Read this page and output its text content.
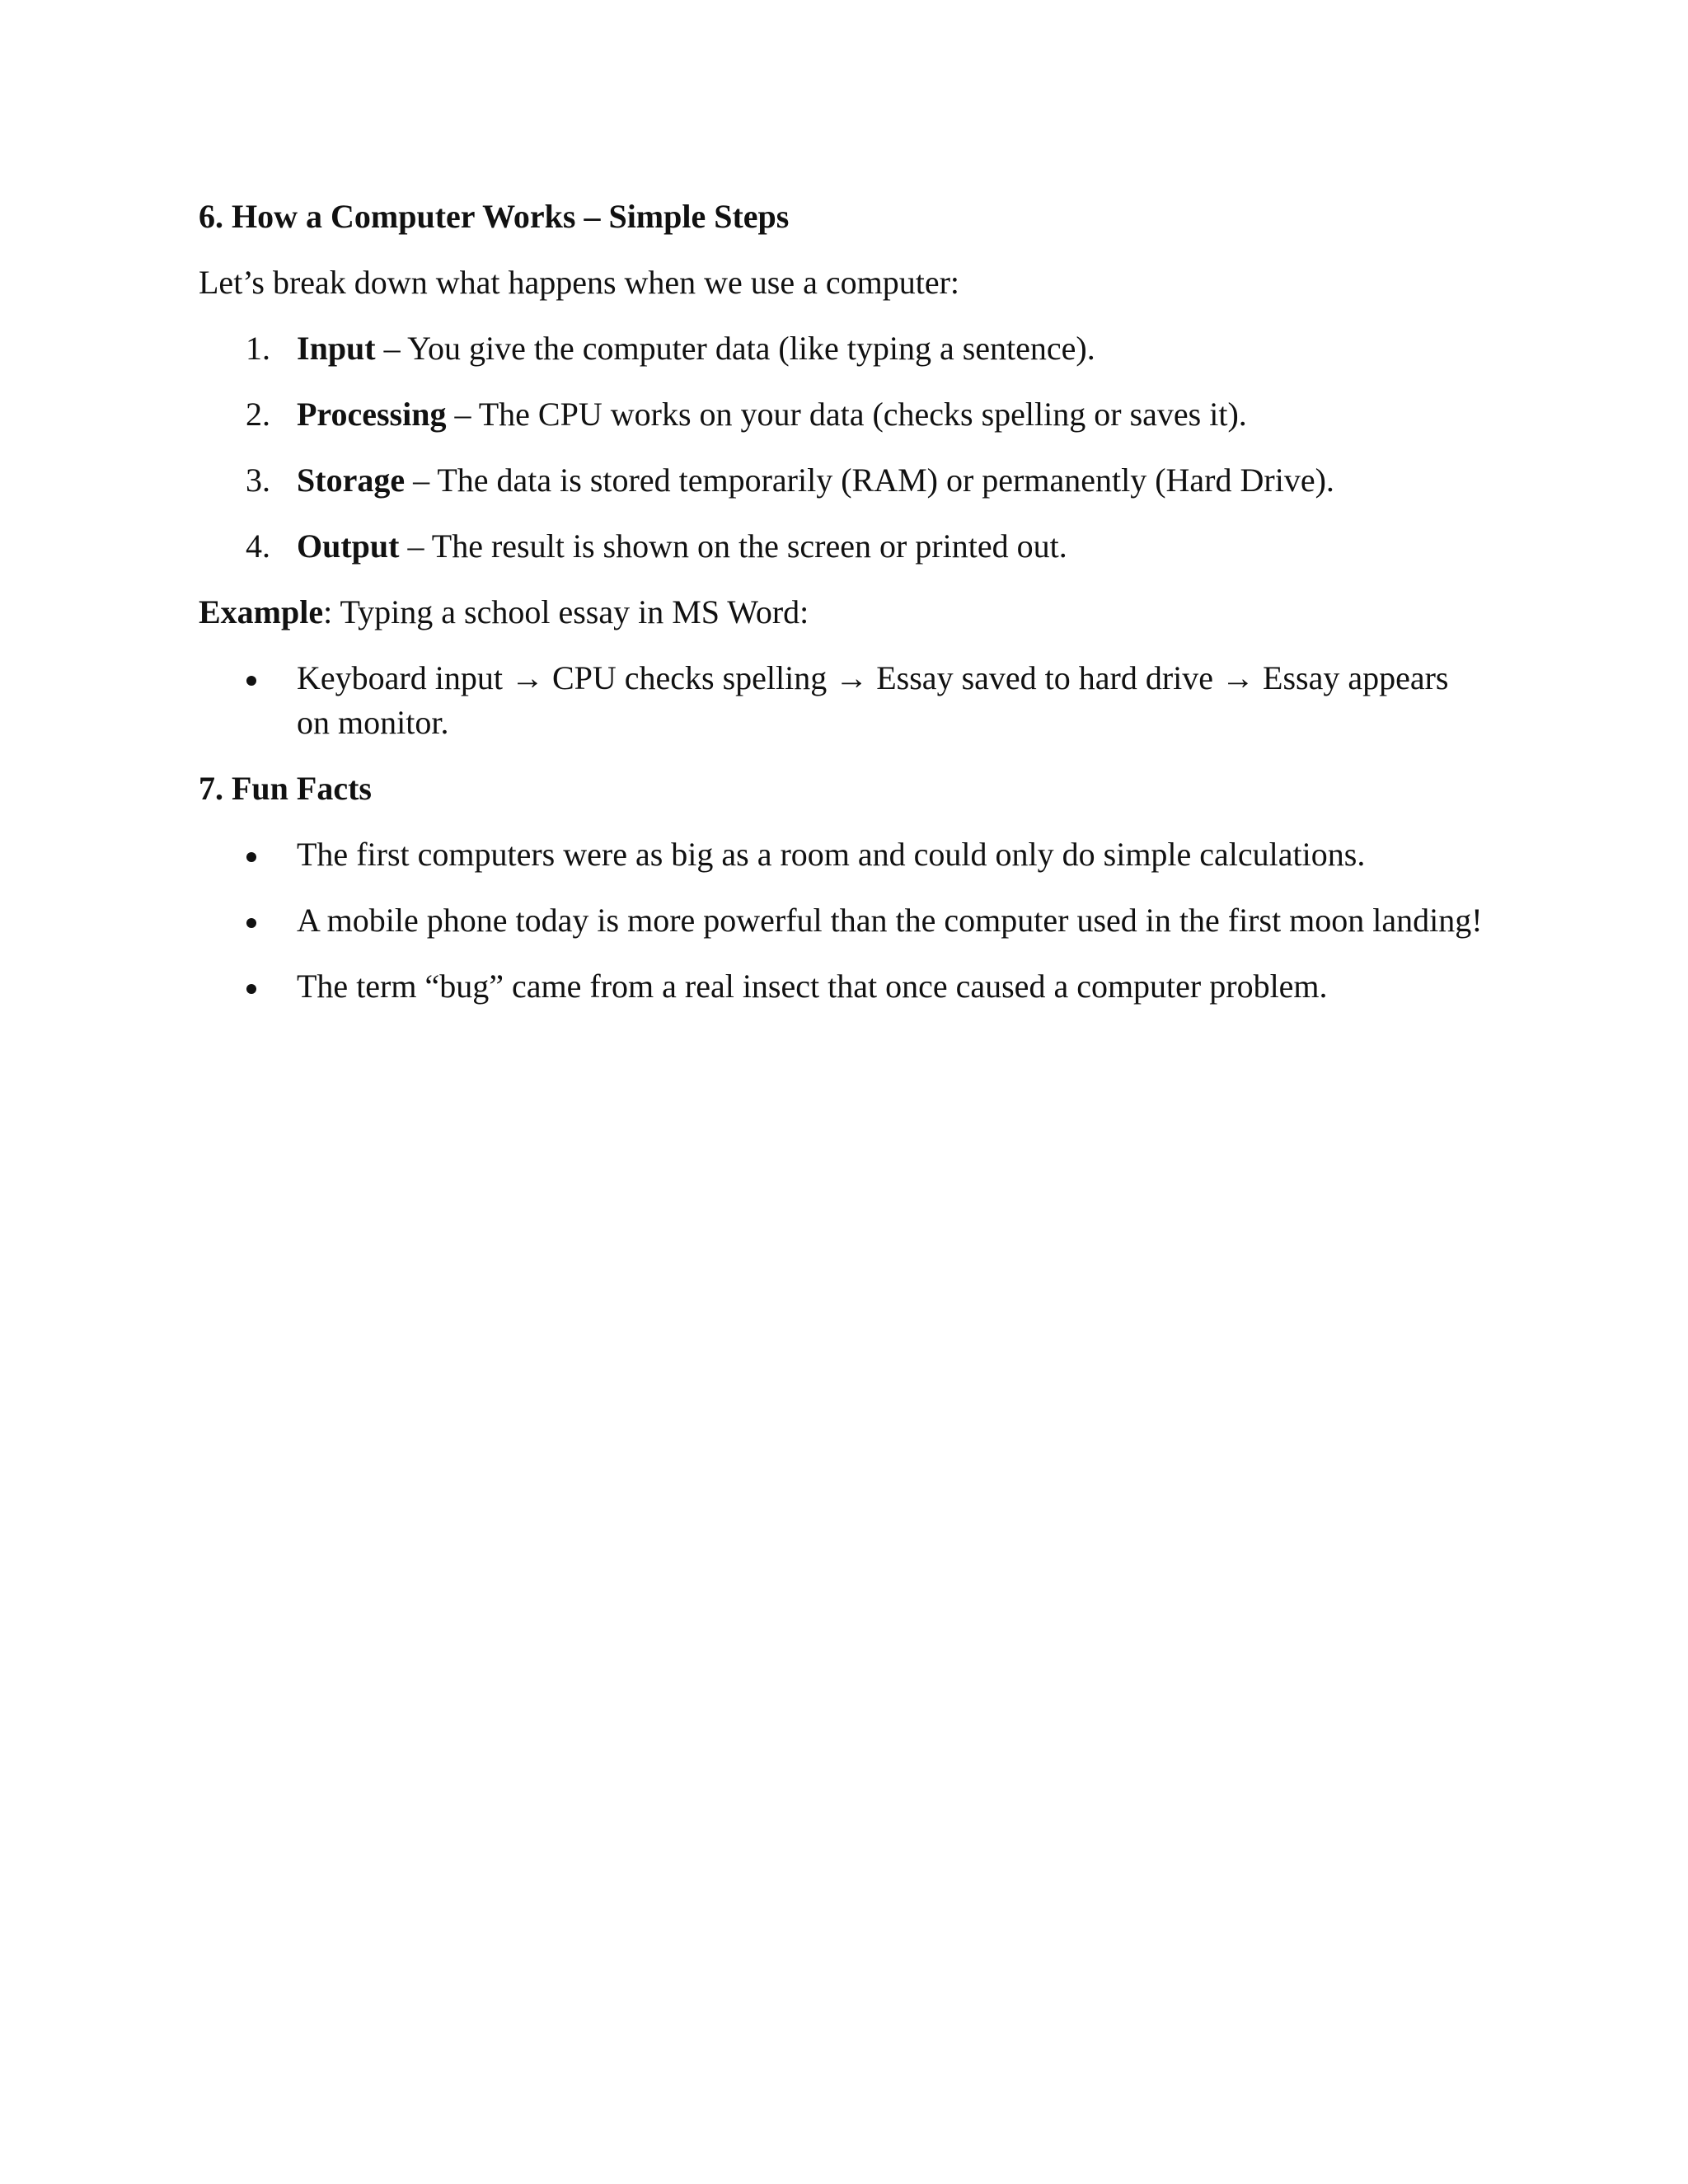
6. How a Computer Works – Simple Steps
Let’s break down what happens when we use a computer:
1. Input – You give the computer data (like typing a sentence).
2. Processing – The CPU works on your data (checks spelling or saves it).
3. Storage – The data is stored temporarily (RAM) or permanently (Hard Drive).
4. Output – The result is shown on the screen or printed out.
Example: Typing a school essay in MS Word:
Keyboard input → CPU checks spelling → Essay saved to hard drive → Essay appears on monitor.
7. Fun Facts
The first computers were as big as a room and could only do simple calculations.
A mobile phone today is more powerful than the computer used in the first moon landing!
The term “bug” came from a real insect that once caused a computer problem.
